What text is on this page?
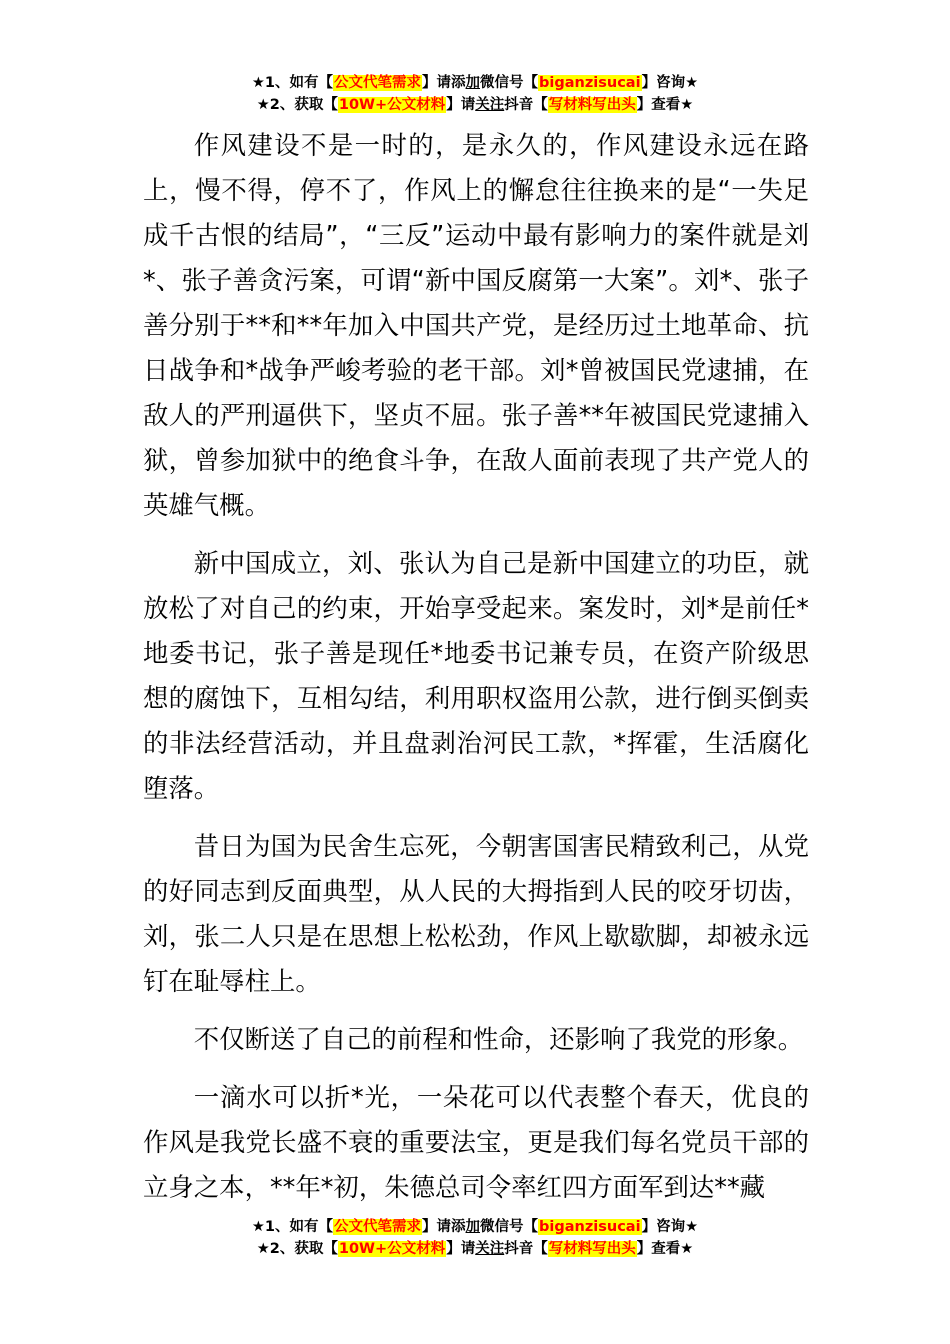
★1、如有【公文代笔需求】请添加微信号【biganzisucai】咨询★
★2、获取【10W+公文材料】请关注抖音【写材料写出头】查看★

作风建设不是一时的，是永久的，作风建设永远在路上，慢不得，停不了，作风上的懈怠往往换来的是“一失足成千古恨的结局”，“三反”运动中最有影响力的案件就是刘*、张子善贪污案，可谓“新中国反腐第一大案”。刘*、张子善分别于**和**年加入中国共产党，是经历过土地革命、抗日战争和*战争严峻考验的老干部。刘*曾被国民党逮捕，在敌人的严刑逼供下，坚贞不屈。张子善**年被国民党逮捕入狱，曾参加狱中的绝食斗争，在敌人面前表现了共产党人的英雄气概。

新中国成立，刘、张认为自己是新中国建立的功臣，就放松了对自己的约束，开始享受起来。案发时，刘*是前任*地委书记，张子善是现任*地委书记兼专员，在资产阶级思想的腐蚀下，互相勾结，利用职权盗用公款，进行倒买倒卖的非法经营活动，并且盘剥治河民工款，*挥霍，生活腐化堕落。

昔日为国为民舍生忘死，今朝害国害民精致利己，从党的好同志到反面典型，从人民的大拇指到人民的咬牙切齿，刘，张二人只是在思想上松松劲，作风上歇歇脚，却被永远钉在耻辱柱上。

不仅断送了自己的前程和性命，还影响了我党的形象。

一滴水可以折*光，一朵花可以代表整个春天，优良的作风是我党长盛不衰的重要法宝，更是我们每名党员干部的立身之本，**年*初，朱德总司令率红四方面军到达**藏

★1、如有【公文代笔需求】请添加微信号【biganzisucai】咨询★
★2、获取【10W+公文材料】请关注抖音【写材料写出头】查看★
